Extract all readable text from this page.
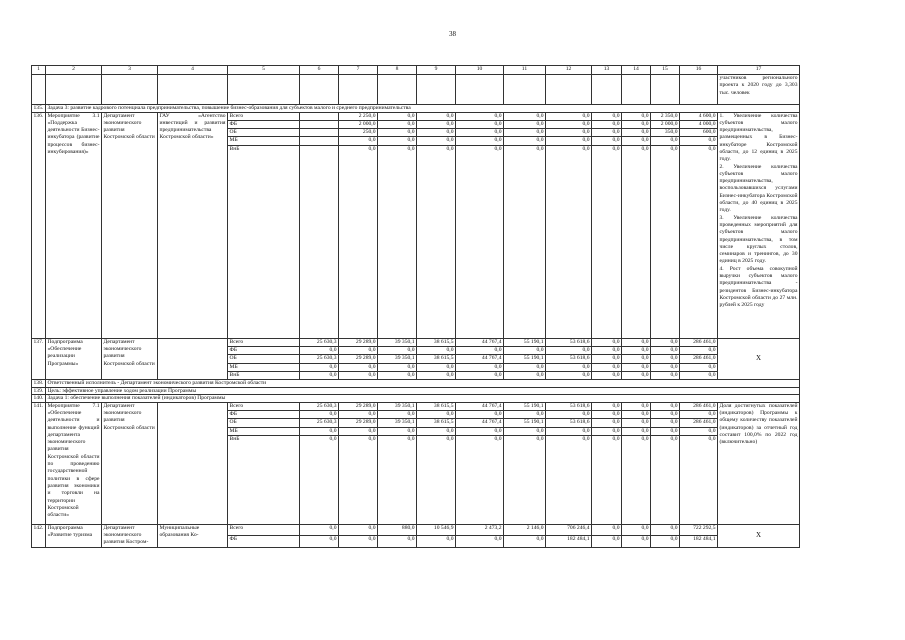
38
1	2	3	4	5	6	7	8	9	10	11	12	13	14	15	16	17
																участников регионального проекта к 2020 году до 3,303 тыс. человек
135.	Задача 3: развитие кадрового потенциала предпринимательства, повышение бизнес-образования для субъектов малого и среднего предпринимательства															
136.	Мероприятие 3.1 «Поддержка деятельности Бизнес-инкубатора (развитие процессов бизнес-инкубирования)»	Департамент экономического развития Костромской области	ГАУ «Агентство инвестиций и развития предпринимательства Костромской области»	Всего		2 250,0	0,0	0,0	0,0	0,0	0,0	0,0	0,0	2 350,0	4 600,0	1. Увеличение количества субъектов малого предпринимательства, размещенных в Бизнес-инкубаторе Костромской области, до 12 единиц в 2025 году.
2. Увеличение количества субъектов малого предпринимательства, воспользовавшихся услугами Бизнес-инкубатора Костромской области, до 40 единиц в 2025 году.
3. Увеличение количества проведенных мероприятий для субъектов малого предпринимательства, в том числе круглых столов, семинаров и тренингов, до 30 единиц в 2025 году.
4. Рост объема совокупной выручки субъектов малого предпринимательства - резидентов Бизнес-инкубатора Костромской области до 27 млн. рублей к 2025 году
				ФБ		2 000,0	0,0	0,0	0,0	0,0	0,0	0,0	0,0	2 000,0	4 000,0	
				ОБ		250,0	0,0	0,0	0,0	0,0	0,0	0,0	0,0	350,0	600,0	
				МБ		0,0	0,0	0,0	0,0	0,0	0,0	0,0	0,0	0,0	0,0	
				ВнБ		0,0	0,0	0,0	0,0	0,0	0,0	0,0	0,0	0,0	0,0	
137.	Подпрограмма «Обеспечение реализации Программы»	Департамент экономического развития Костромской области		Всего	25 630,3	29 289,0	39 350,1	38 615,5	44 767,4	55 190,1	53 618,6	0,0	0,0	0,0	286 461,0	Х
				ФБ	0,0	0,0	0,0	0,0	0,0	0,0	0,0	0,0	0,0	0,0	0,0	
				ОБ	25 630,3	29 289,0	39 350,1	38 615,5	44 767,4	55 190,1	53 618,6	0,0	0,0	0,0	286 461,0	
				МБ	0,0	0,0	0,0	0,0	0,0	0,0	0,0	0,0	0,0	0,0	0,0	
				ВнБ	0,0	0,0	0,0	0,0	0,0	0,0	0,0	0,0	0,0	0,0	0,0	
138.	Ответственный исполнитель - Департамент экономического развития Костромской области															
139.	Цель: эффективное управление ходом реализации Программы															
140.	Задача 1: обеспечение выполнения показателей (индикаторов) Программы															
141.	Мероприятие 7.1 «Обеспечение деятельности и выполнение функций департамента экономического развития Костромской области по проведению государственной политики в сфере развития экономики и торговли на территории Костромской области»	Департамент экономического развития Костромской области		Всего	25 630,3	29 289,0	39 350,1	38 615,5	44 767,4	55 190,1	53 618,6	0,0	0,0	0,0	286 461,0	Доля достигнутых показателей (индикаторов) Программы к общему количеству показателей (индикаторов) за отчетный год составит 100,0% по 2022 год (включительно)
				ФБ	0,0	0,0	0,0	0,0	0,0	0,0	0,0	0,0	0,0	0,0	0,0	
				ОБ	25 630,3	29 289,0	39 350,1	38 615,5	44 767,4	55 190,1	53 618,6	0,0	0,0	0,0	286 461,0	
				МБ	0,0	0,0	0,0	0,0	0,0	0,0	0,0	0,0	0,0	0,0	0,0	
				ВнБ	0,0	0,0	0,0	0,0	0,0	0,0	0,0	0,0	0,0	0,0	0,0	
142.	Подпрограмма «Развитие туризма	Департамент экономического развития Костром-	Муниципальные образования Ко-	Всего	0,0	0,0	880,0	10 546,9	2 473,2	2 146,0	706 246,4	0,0	0,0	0,0	722 292,5	Х
				ФБ	0,0	0,0	0,0	0,0	0,0	0,0	182 484,1	0,0	0,0	0,0	182 484,1	
